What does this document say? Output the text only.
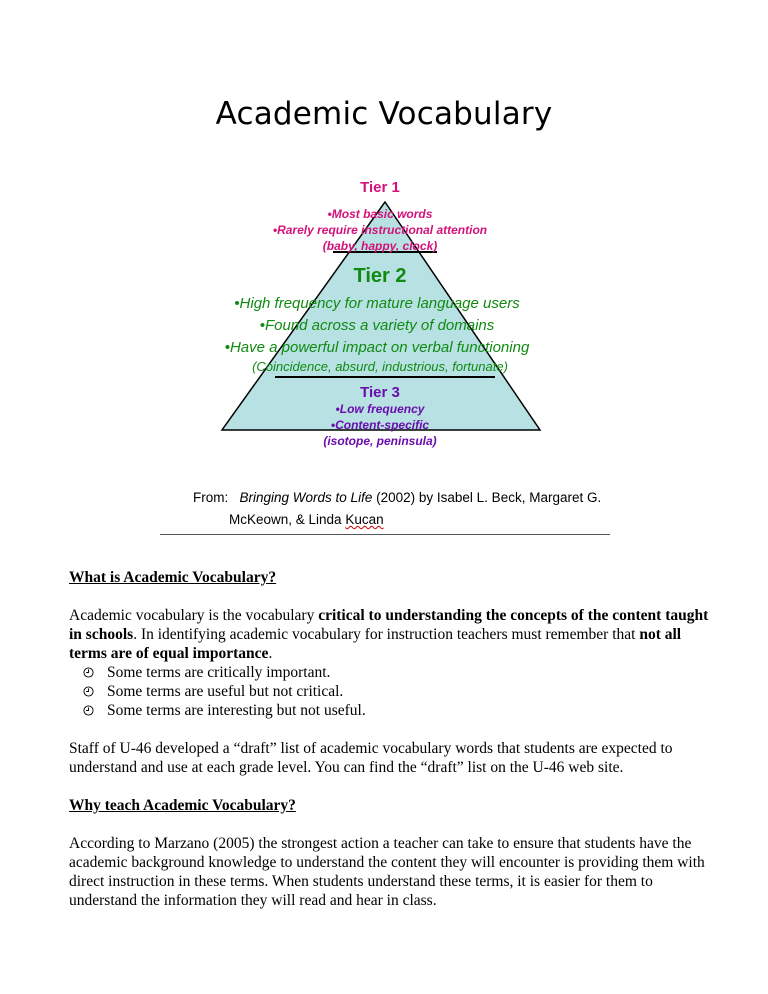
Academic Vocabulary
Tier 1
•Most basic words
•Rarely require instructional attention
(baby, happy, clock)
Tier 2
•High frequency for mature language users
•Found across a variety of domains
•Have a powerful impact on verbal functioning
(Coincidence, absurd, industrious, fortunate)
Tier 3
•Low frequency
•Content-specific
(isotope, peninsula)
From: Bringing Words to Life (2002) by Isabel L. Beck, Margaret G.
McKeown, & Linda Kucan

What is Academic Vocabulary?

Academic vocabulary is the vocabulary critical to understanding the concepts of the content taught in schools. In identifying academic vocabulary for instruction teachers must remember that not all terms are of equal importance.

Some terms are critically important.
Some terms are useful but not critical.
Some terms are interesting but not useful.

Staff of U-46 developed a “draft” list of academic vocabulary words that students are expected to understand and use at each grade level. You can find the “draft” list on the U-46 web site.

Why teach Academic Vocabulary?

According to Marzano (2005) the strongest action a teacher can take to ensure that students have the academic background knowledge to understand the content they will encounter is providing them with direct instruction in these terms. When students understand these terms, it is easier for them to understand the information they will read and hear in class.
